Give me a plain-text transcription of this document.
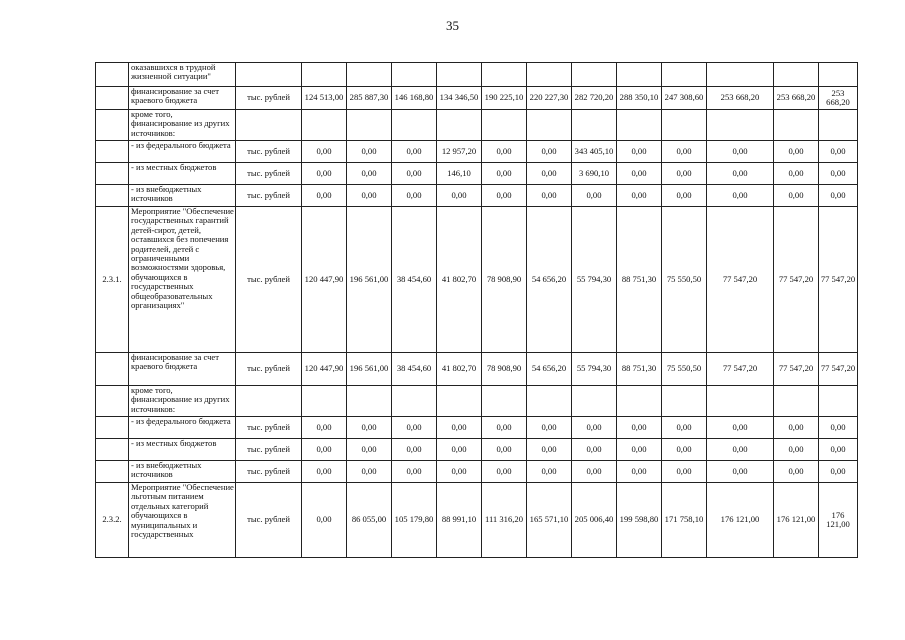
35
	оказавшихся в трудной жизненной ситуации"													
	финансирование за счет краевого бюджета	тыс. рублей	124 513,00	285 887,30	146 168,80	134 346,50	190 225,10	220 227,30	282 720,20	288 350,10	247 308,60	253 668,20	253 668,20	253 668,20
	кроме того, финансирование из других источников:													
	- из федерального бюджета	тыс. рублей	0,00	0,00	0,00	12 957,20	0,00	0,00	343 405,10	0,00	0,00	0,00	0,00	0,00
	- из местных бюджетов	тыс. рублей	0,00	0,00	0,00	146,10	0,00	0,00	3 690,10	0,00	0,00	0,00	0,00	0,00
	- из внебюджетных источников	тыс. рублей	0,00	0,00	0,00	0,00	0,00	0,00	0,00	0,00	0,00	0,00	0,00	0,00
2.3.1.	Мероприятие "Обеспечение государственных гарантий детей-сирот, детей, оставшихся без попечения родителей, детей с ограниченными возможностями здоровья, обучающихся в государственных общеобразовательных организациях"	тыс. рублей	120 447,90	196 561,00	38 454,60	41 802,70	78 908,90	54 656,20	55 794,30	88 751,30	75 550,50	77 547,20	77 547,20	77 547,20
	финансирование за счет краевого бюджета	тыс. рублей	120 447,90	196 561,00	38 454,60	41 802,70	78 908,90	54 656,20	55 794,30	88 751,30	75 550,50	77 547,20	77 547,20	77 547,20
	кроме того, финансирование из других источников:													
	- из федерального бюджета	тыс. рублей	0,00	0,00	0,00	0,00	0,00	0,00	0,00	0,00	0,00	0,00	0,00	0,00
	- из местных бюджетов	тыс. рублей	0,00	0,00	0,00	0,00	0,00	0,00	0,00	0,00	0,00	0,00	0,00	0,00
	- из внебюджетных источников	тыс. рублей	0,00	0,00	0,00	0,00	0,00	0,00	0,00	0,00	0,00	0,00	0,00	0,00
2.3.2.	Мероприятие "Обеспечение льготным питанием отдельных категорий обучающихся в муниципальных и государственных	тыс. рублей	0,00	86 055,00	105 179,80	88 991,10	111 316,20	165 571,10	205 006,40	199 598,80	171 758,10	176 121,00	176 121,00	176 121,00
